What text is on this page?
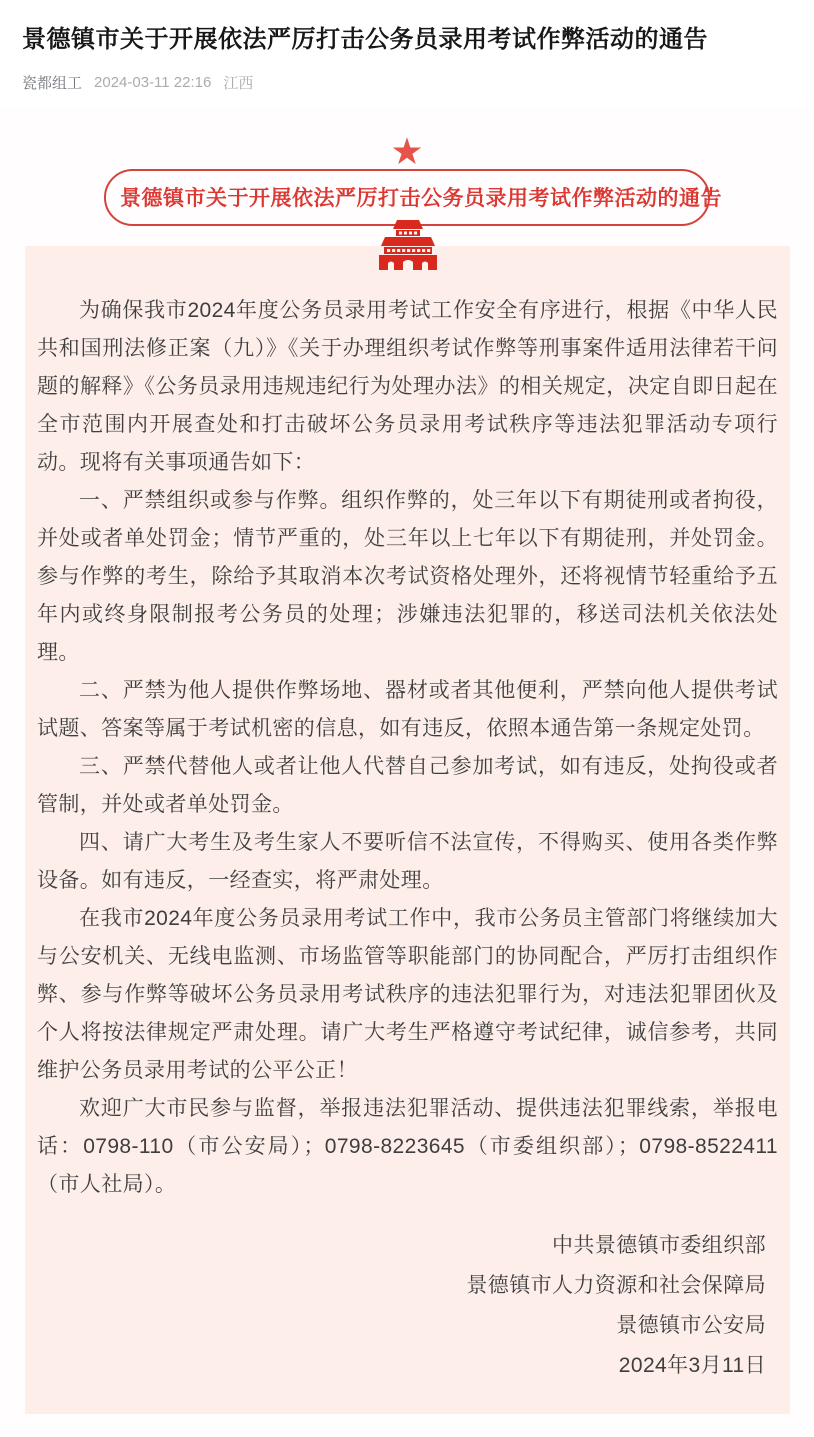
景德镇市关于开展依法严厉打击公务员录用考试作弊活动的通告
瓷都组工 2024-03-11 22:16 江西
★
景德镇市关于开展依法严厉打击公务员录用考试作弊活动的通告

为确保我市2024年度公务员录用考试工作安全有序进行，根据《中华人民共和国刑法修正案（九）》《关于办理组织考试作弊等刑事案件适用法律若干问题的解释》《公务员录用违规违纪行为处理办法》的相关规定，决定自即日起在全市范围内开展查处和打击破坏公务员录用考试秩序等违法犯罪活动专项行动。现将有关事项通告如下：

一、严禁组织或参与作弊。组织作弊的，处三年以下有期徒刑或者拘役，并处或者单处罚金；情节严重的，处三年以上七年以下有期徒刑，并处罚金。参与作弊的考生，除给予其取消本次考试资格处理外，还将视情节轻重给予五年内或终身限制报考公务员的处理；涉嫌违法犯罪的，移送司法机关依法处理。

二、严禁为他人提供作弊场地、器材或者其他便利，严禁向他人提供考试试题、答案等属于考试机密的信息，如有违反，依照本通告第一条规定处罚。

三、严禁代替他人或者让他人代替自己参加考试，如有违反，处拘役或者管制，并处或者单处罚金。

四、请广大考生及考生家人不要听信不法宣传，不得购买、使用各类作弊设备。如有违反，一经查实，将严肃处理。

在我市2024年度公务员录用考试工作中，我市公务员主管部门将继续加大与公安机关、无线电监测、市场监管等职能部门的协同配合，严厉打击组织作弊、参与作弊等破坏公务员录用考试秩序的违法犯罪行为，对违法犯罪团伙及个人将按法律规定严肃处理。请广大考生严格遵守考试纪律，诚信参考，共同维护公务员录用考试的公平公正！

欢迎广大市民参与监督，举报违法犯罪活动、提供违法犯罪线索，举报电话：0798-110（市公安局）；0798-8223645（市委组织部）；0798-8522411（市人社局）。

中共景德镇市委组织部
景德镇市人力资源和社会保障局
景德镇市公安局
2024年3月11日
